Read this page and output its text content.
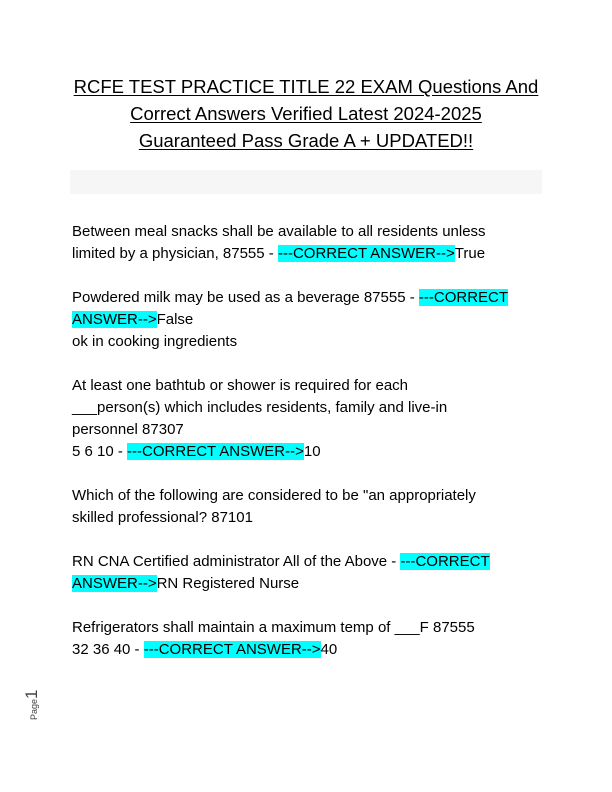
RCFE TEST PRACTICE TITLE 22 EXAM Questions And
Correct Answers Verified Latest 2024-2025
Guaranteed Pass Grade A + UPDATED!!
Between meal snacks shall be available to all residents unless
limited by a physician, 87555 - ---CORRECT ANSWER-->True
Powdered milk may be used as a beverage 87555 - ---CORRECT
ANSWER-->False
ok in cooking ingredients
At least one bathtub or shower is required for each
___person(s) which includes residents, family and live-in
personnel 87307
5 6 10 - ---CORRECT ANSWER-->10
Which of the following are considered to be "an appropriately
skilled professional? 87101
RN CNA Certified administrator All of the Above - ---CORRECT
ANSWER-->RN Registered Nurse
Refrigerators shall maintain a maximum temp of ___F 87555
32 36 40 - ---CORRECT ANSWER-->40
Page1
